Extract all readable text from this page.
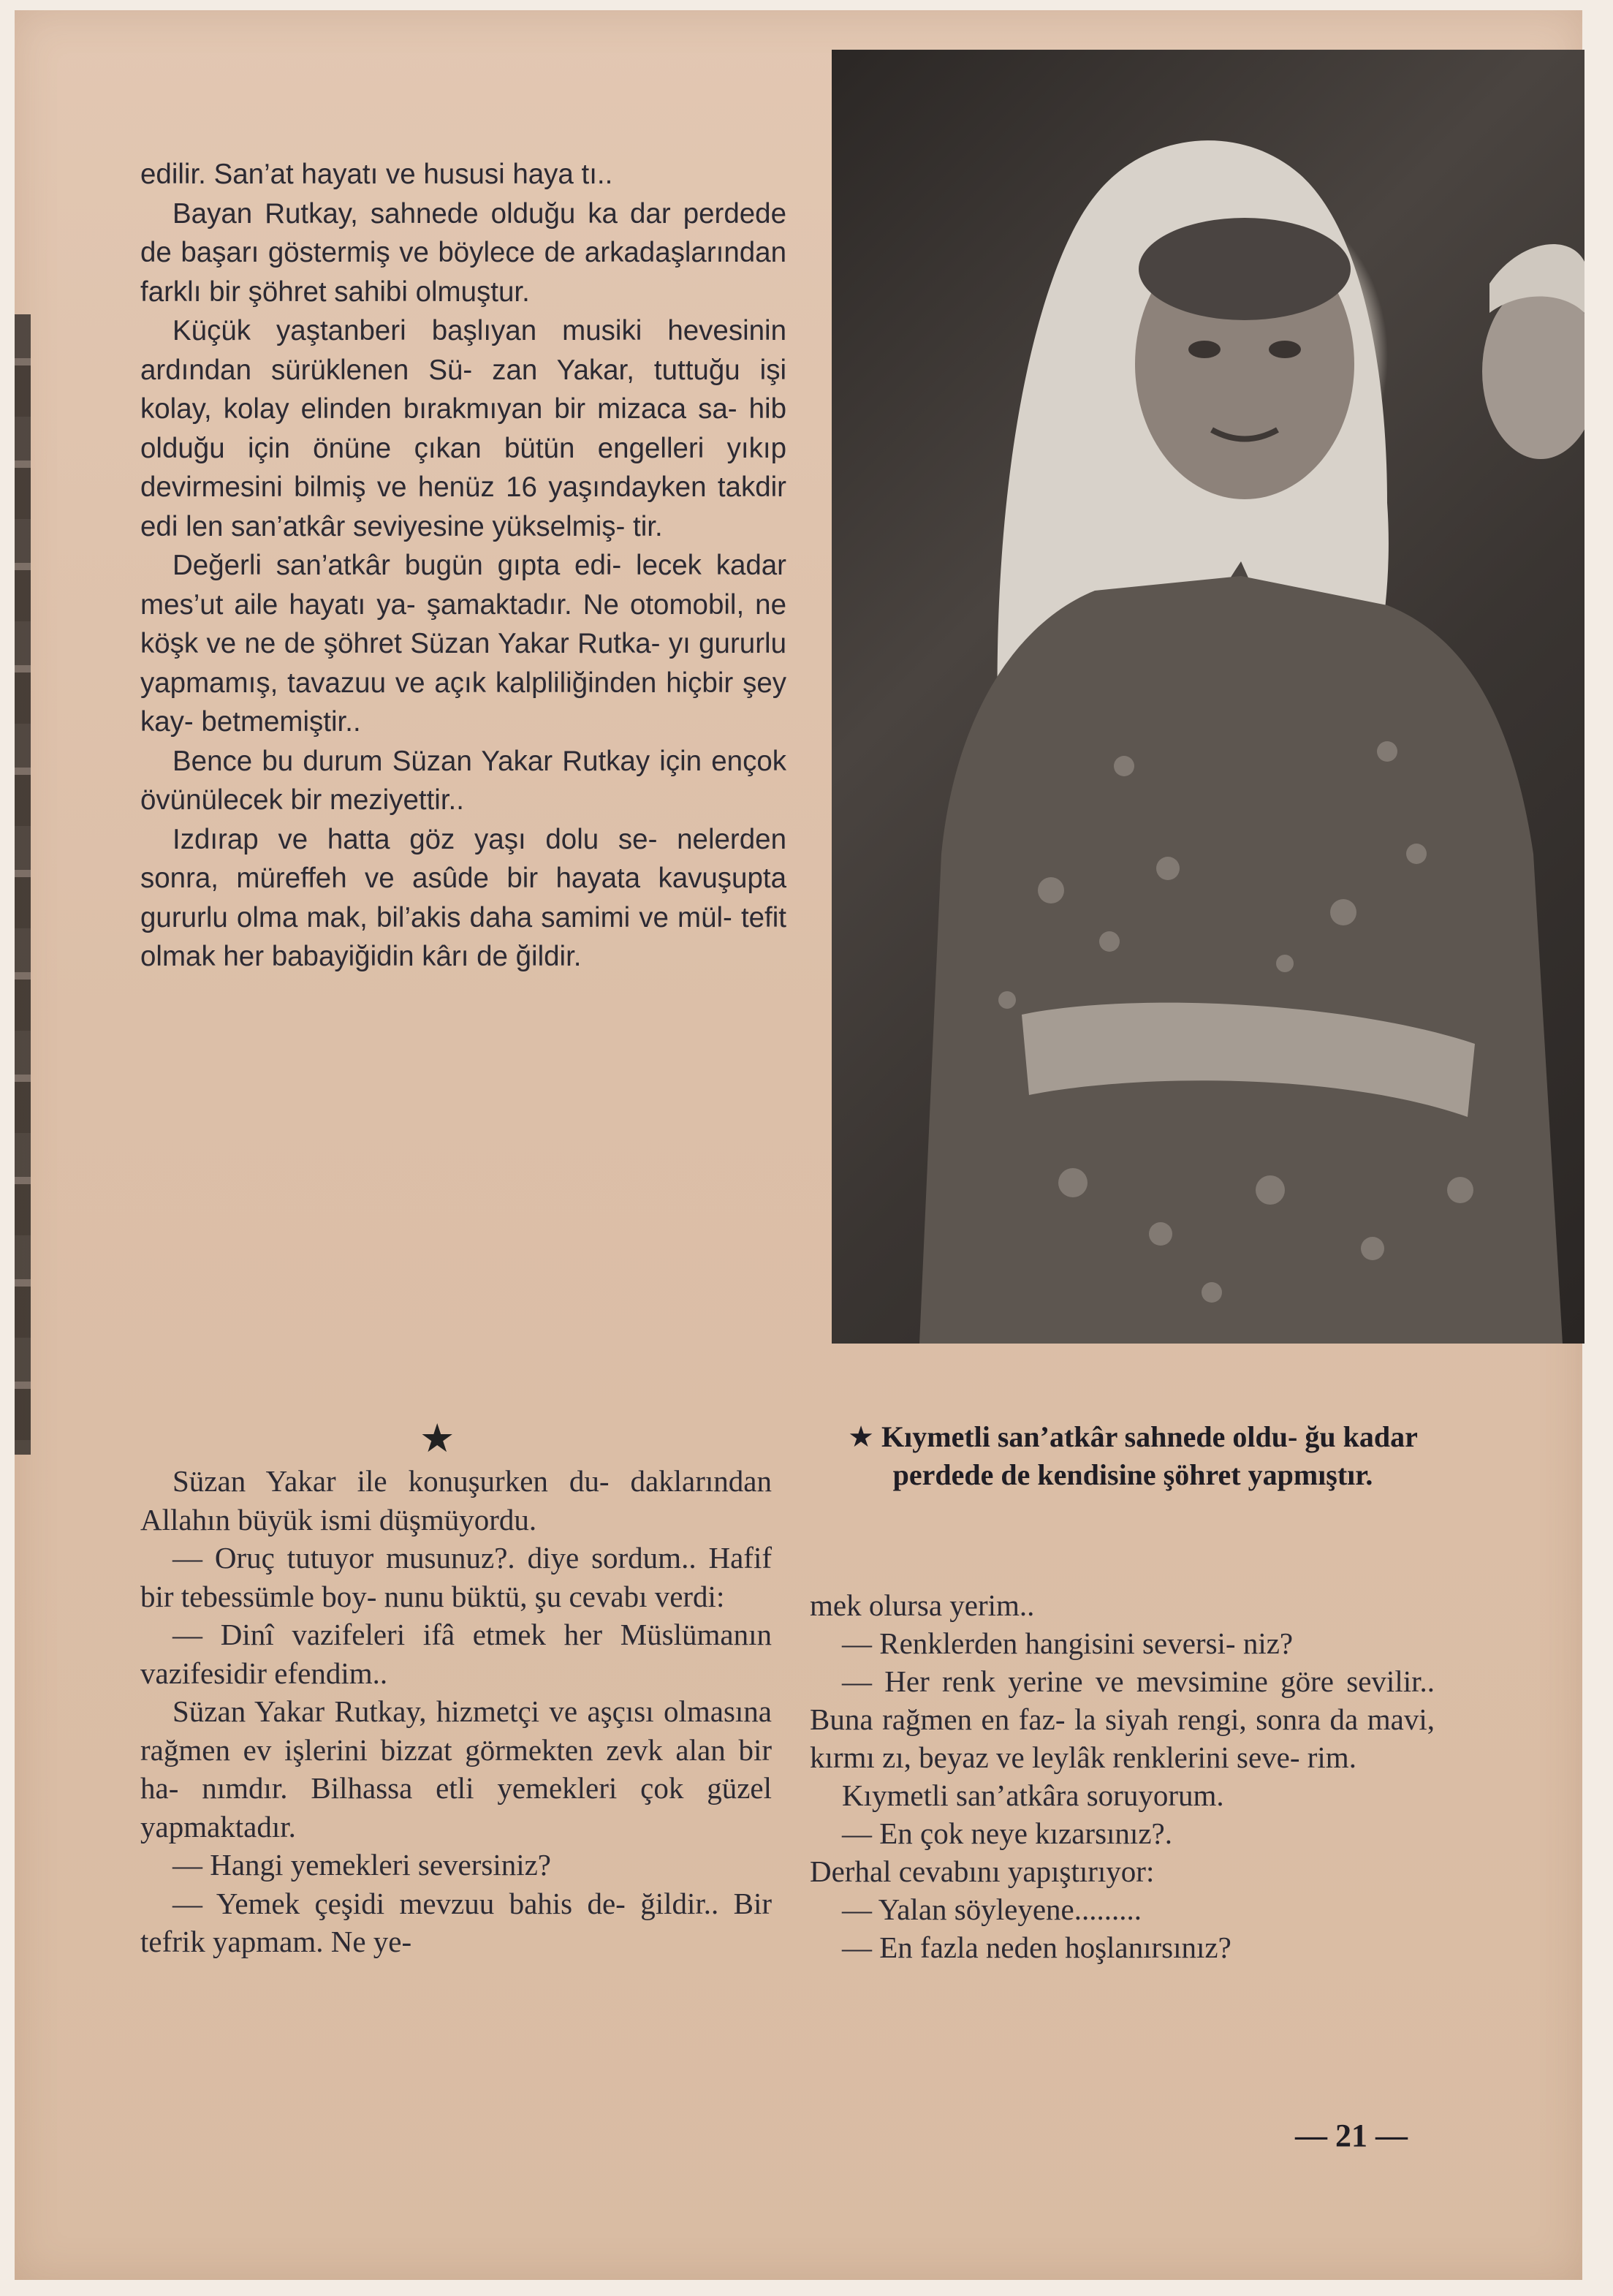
edilir. San’at hayatı ve hususi haya tı..

Bayan Rutkay, sahnede olduğu ka dar perdede de başarı göstermiş ve böylece de arkadaşlarından farklı bir şöhret sahibi olmuştur.

Küçük yaştanberi başlıyan musiki hevesinin ardından sürüklenen Sü- zan Yakar, tuttuğu işi kolay, kolay elinden bırakmıyan bir mizaca sa- hib olduğu için önüne çıkan bütün engelleri yıkıp devirmesini bilmiş ve henüz 16 yaşındayken takdir edi len san’atkâr seviyesine yükselmiş- tir.

Değerli san’atkâr bugün gıpta edi- lecek kadar mes’ut aile hayatı ya- şamaktadır. Ne otomobil, ne köşk ve ne de şöhret Süzan Yakar Rutka- yı gururlu yapmamış, tavazuu ve açık kalpliliğinden hiçbir şey kay- betmemiştir..

Bence bu durum Süzan Yakar Rutkay için ençok övünülecek bir meziyettir..

Izdırap ve hatta göz yaşı dolu se- nelerden sonra, müreffeh ve asûde bir hayata kavuşupta gururlu olma mak, bil’akis daha samimi ve mül- tefit olmak her babayiğidin kârı de ğildir.

★

Süzan Yakar ile konuşurken du- daklarından Allahın büyük ismi düşmüyordu.

— Oruç tutuyor musunuz?. diye sordum.. Hafif bir tebessümle boy- nunu büktü, şu cevabı verdi:

— Dinî vazifeleri ifâ etmek her Müslümanın vazifesidir efendim..

Süzan Yakar Rutkay, hizmetçi ve aşçısı olmasına rağmen ev işlerini bizzat görmekten zevk alan bir ha- nımdır. Bilhassa etli yemekleri çok güzel yapmaktadır.

— Hangi yemekleri seversiniz?

— Yemek çeşidi mevzuu bahis de- ğildir.. Bir tefrik yapmam. Ne ye-

★ Kıymetli san’atkâr sahnede oldu- ğu kadar perdede de kendisine şöhret yapmıştır.

mek olursa yerim..

— Renklerden hangisini seversi- niz?

— Her renk yerine ve mevsimine göre sevilir.. Buna rağmen en faz- la siyah rengi, sonra da mavi, kırmı zı, beyaz ve leylâk renklerini seve- rim.

Kıymetli san’atkâra soruyorum.

— En çok neye kızarsınız?.

Derhal cevabını yapıştırıyor:

— Yalan söyleyene.........

— En fazla neden hoşlanırsınız?

— 21 —
